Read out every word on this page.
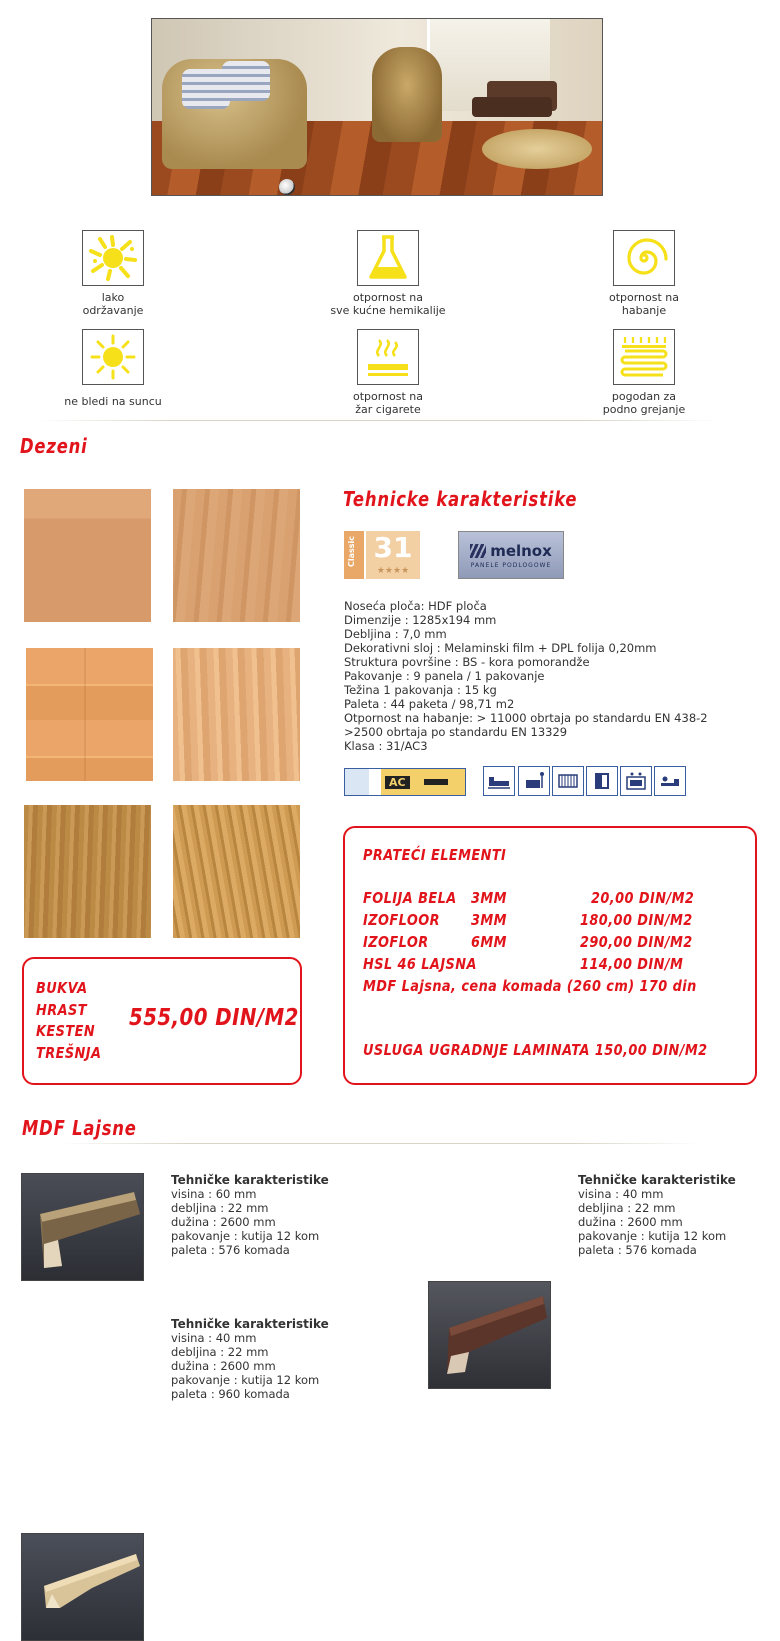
lako
održavanje
otpornost na
sve kućne hemikalije
otpornost na
habanje
ne bledi na suncu	otpornost na
žar cigarete
pogodan za
podno grejanje
Dezeni
BUKVA
HRAST
KESTEN
TREŠNJA
555,00 DIN/M2
Tehnicke karakteristike
Classic 31
★★★★
melnox
PANELE PODLOGOWE
Noseća ploča: HDF ploča
Dimenzije : 1285x194 mm
Debljina : 7,0 mm
Dekorativni sloj : Melaminski film + DPL folija 0,20mm
Struktura površine : BS - kora pomorandže
Pakovanje : 9 panela / 1 pakovanje
Težina 1 pakovanja : 15 kg
Paleta : 44 paketa / 98,71 m2
Otpornost na habanje: > 11000 obrtaja po standardu EN 438-2
>2500 obrtaja po standardu EN 13329
Klasa : 31/AC3
AC
PRATEĆI ELEMENTI
FOLIJA BELA 3MM	20,00 DIN/M2
IZOFLOOR 3MM	180,00 DIN/M2
IZOFLOR	6MM	290,00 DIN/M2
HSL 46 LAJSNA	114,00 DIN/M
MDF Lajsna, cena komada (260 cm) 170 din
USLUGA UGRADNJE LAMINATA 150,00 DIN/M2
MDF Lajsne
Tehničke karakteristike
visina : 60 mm
debljina : 22 mm
dužina : 2600 mm
pakovanje : kutija 12 kom
paleta : 576 komada
Tehničke karakteristike
visina : 40 mm
debljina : 22 mm
dužina : 2600 mm
pakovanje : kutija 12 kom
paleta : 576 komada
Tehničke karakteristike
visina : 40 mm
debljina : 22 mm
dužina : 2600 mm
pakovanje : kutija 12 kom
paleta : 960 komada
